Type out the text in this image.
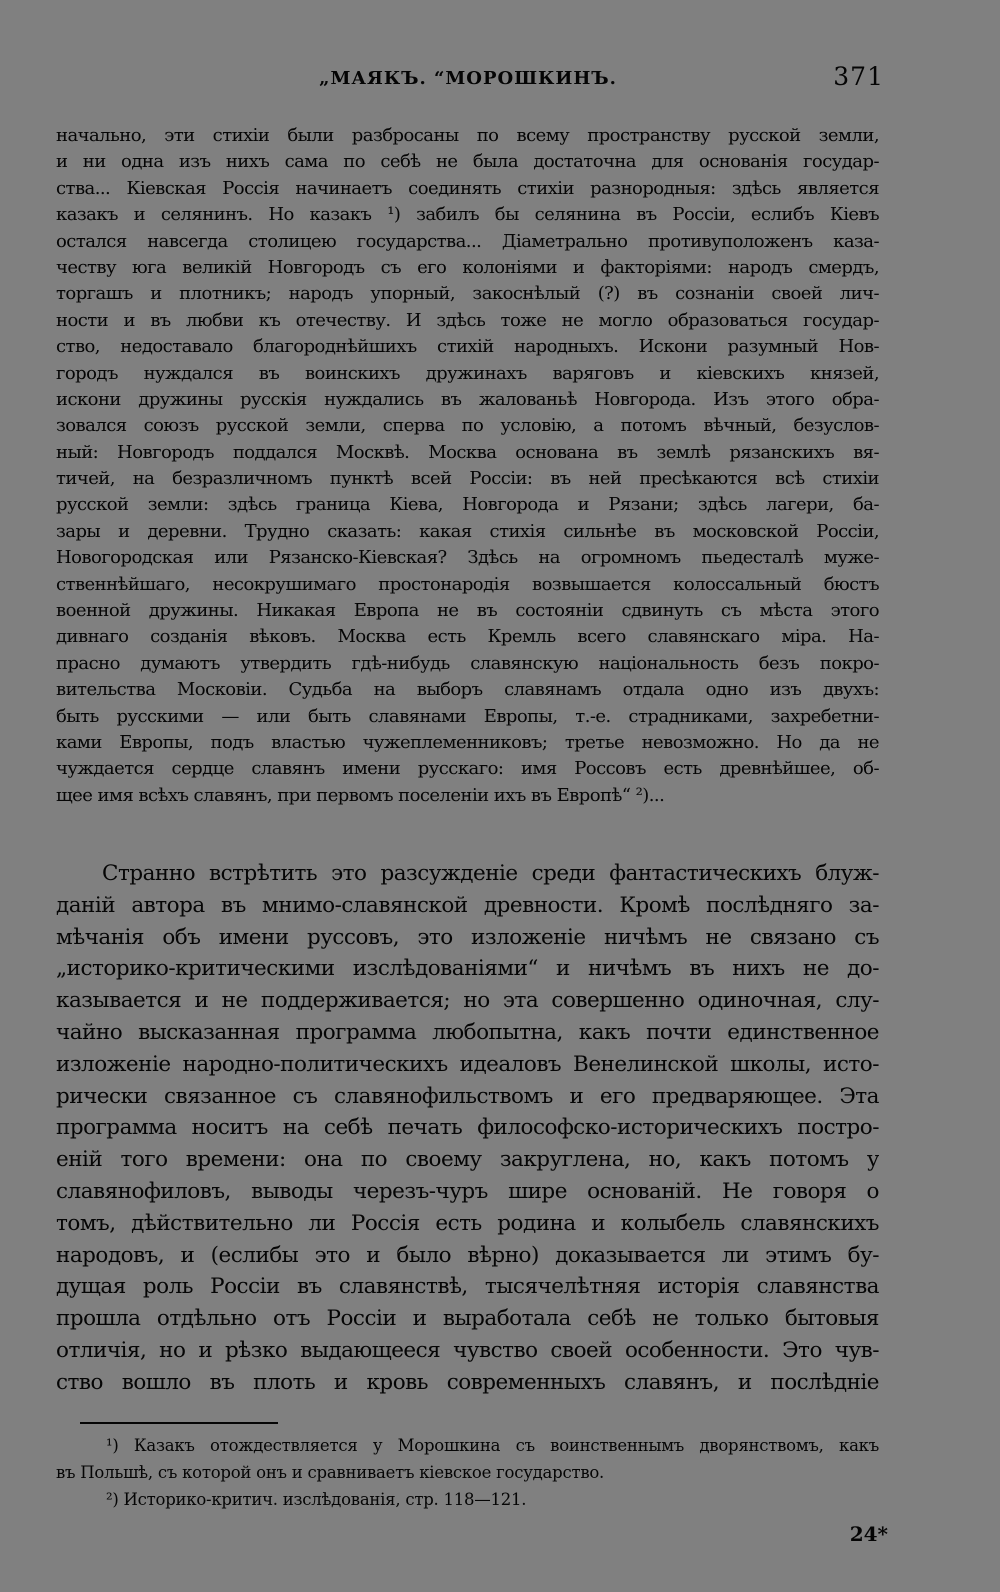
„МАЯКЪ. “МОРОШКИНЪ.	371
начально, эти стихіи были разбросаны по всему пространству русской земли,
и ни одна изъ нихъ сама по себѣ не была достаточна для основанія государ-
ства... Кіевская Россія начинаетъ соединять стихіи разнородныя: здѣсь является
казакъ и селянинъ. Но казакъ ¹) забилъ бы селянина въ Россіи, еслибъ Кіевъ
остался навсегда столицею государства... Діаметрально противуположенъ каза-
честву юга великій Новгородъ съ его колоніями и факторіями: народъ смердъ,
торгашъ и плотникъ; народъ упорный, закоснѣлый (?) въ сознаніи своей лич-
ности и въ любви къ отечеству. И здѣсь тоже не могло образоваться государ-
ство, недоставало благороднѣйшихъ стихій народныхъ. Искони разумный Нов-
городъ нуждался въ воинскихъ дружинахъ варяговъ и кіевскихъ князей,
искони дружины русскія нуждались въ жалованьѣ Новгорода. Изъ этого обра-
зовался союзъ русской земли, сперва по условію, а потомъ вѣчный, безуслов-
ный: Новгородъ поддался Москвѣ. Москва основана въ землѣ рязанскихъ вя-
тичей, на безразличномъ пунктѣ всей Россіи: въ ней пресѣкаются всѣ стихіи
русской земли: здѣсь граница Кіева, Новгорода и Рязани; здѣсь лагери, ба-
зары и деревни. Трудно сказать: какая стихія сильнѣе въ московской Россіи,
Новогородская или Рязанско-Кіевская? Здѣсь на огромномъ пьедесталѣ муже-
ственнѣйшаго, несокрушимаго простонародія возвышается колоссальный бюстъ
военной дружины. Никакая Европа не въ состояніи сдвинуть съ мѣста этого
дивнаго созданія вѣковъ. Москва есть Кремль всего славянскаго міра. На-
прасно думаютъ утвердить гдѣ-нибудь славянскую національность безъ покро-
вительства Московіи. Судьба на выборъ славянамъ отдала одно изъ двухъ:
быть русскими — или быть славянами Европы, т.-е. страдниками, захребетни-
ками Европы, подъ властью чужеплеменниковъ; третье невозможно. Но да не
чуждается сердце славянъ имени русскаго: имя Россовъ есть древнѣйшее, об-
щее имя всѣхъ славянъ, при первомъ поселеніи ихъ въ Европѣ“ ²)...
Странно встрѣтить это разсужденіе среди фантастическихъ блуж-
даній автора въ мнимо-славянской древности. Кромѣ послѣдняго за-
мѣчанія объ имени руссовъ, это изложеніе ничѣмъ не связано съ
„историко-критическими изслѣдованіями“ и ничѣмъ въ нихъ не до-
казывается и не поддерживается; но эта совершенно одиночная, слу-
чайно высказанная программа любопытна, какъ почти единственное
изложеніе народно-политическихъ идеаловъ Венелинской школы, исто-
рически связанное съ славянофильствомъ и его предваряющее. Эта
программа носитъ на себѣ печать философско-историческихъ постро-
еній того времени: она по своему закруглена, но, какъ потомъ у
славянофиловъ, выводы черезъ-чуръ шире основаній. Не говоря о
томъ, дѣйствительно ли Россія есть родина и колыбель славянскихъ
народовъ, и (еслибы это и было вѣрно) доказывается ли этимъ бу-
дущая роль Россіи въ славянствѣ, тысячелѣтняя исторія славянства
прошла отдѣльно отъ Россіи и выработала себѣ не только бытовыя
отличія, но и рѣзко выдающееся чувство своей особенности. Это чув-
ство вошло въ плоть и кровь современныхъ славянъ, и послѣдніе
¹) Казакъ отождествляется у Морошкина съ воинственнымъ дворянствомъ, какъ
въ Польшѣ, съ которой онъ и сравниваетъ кіевское государство.
²) Историко-критич. изслѣдованія, стр. 118—121.
24*
